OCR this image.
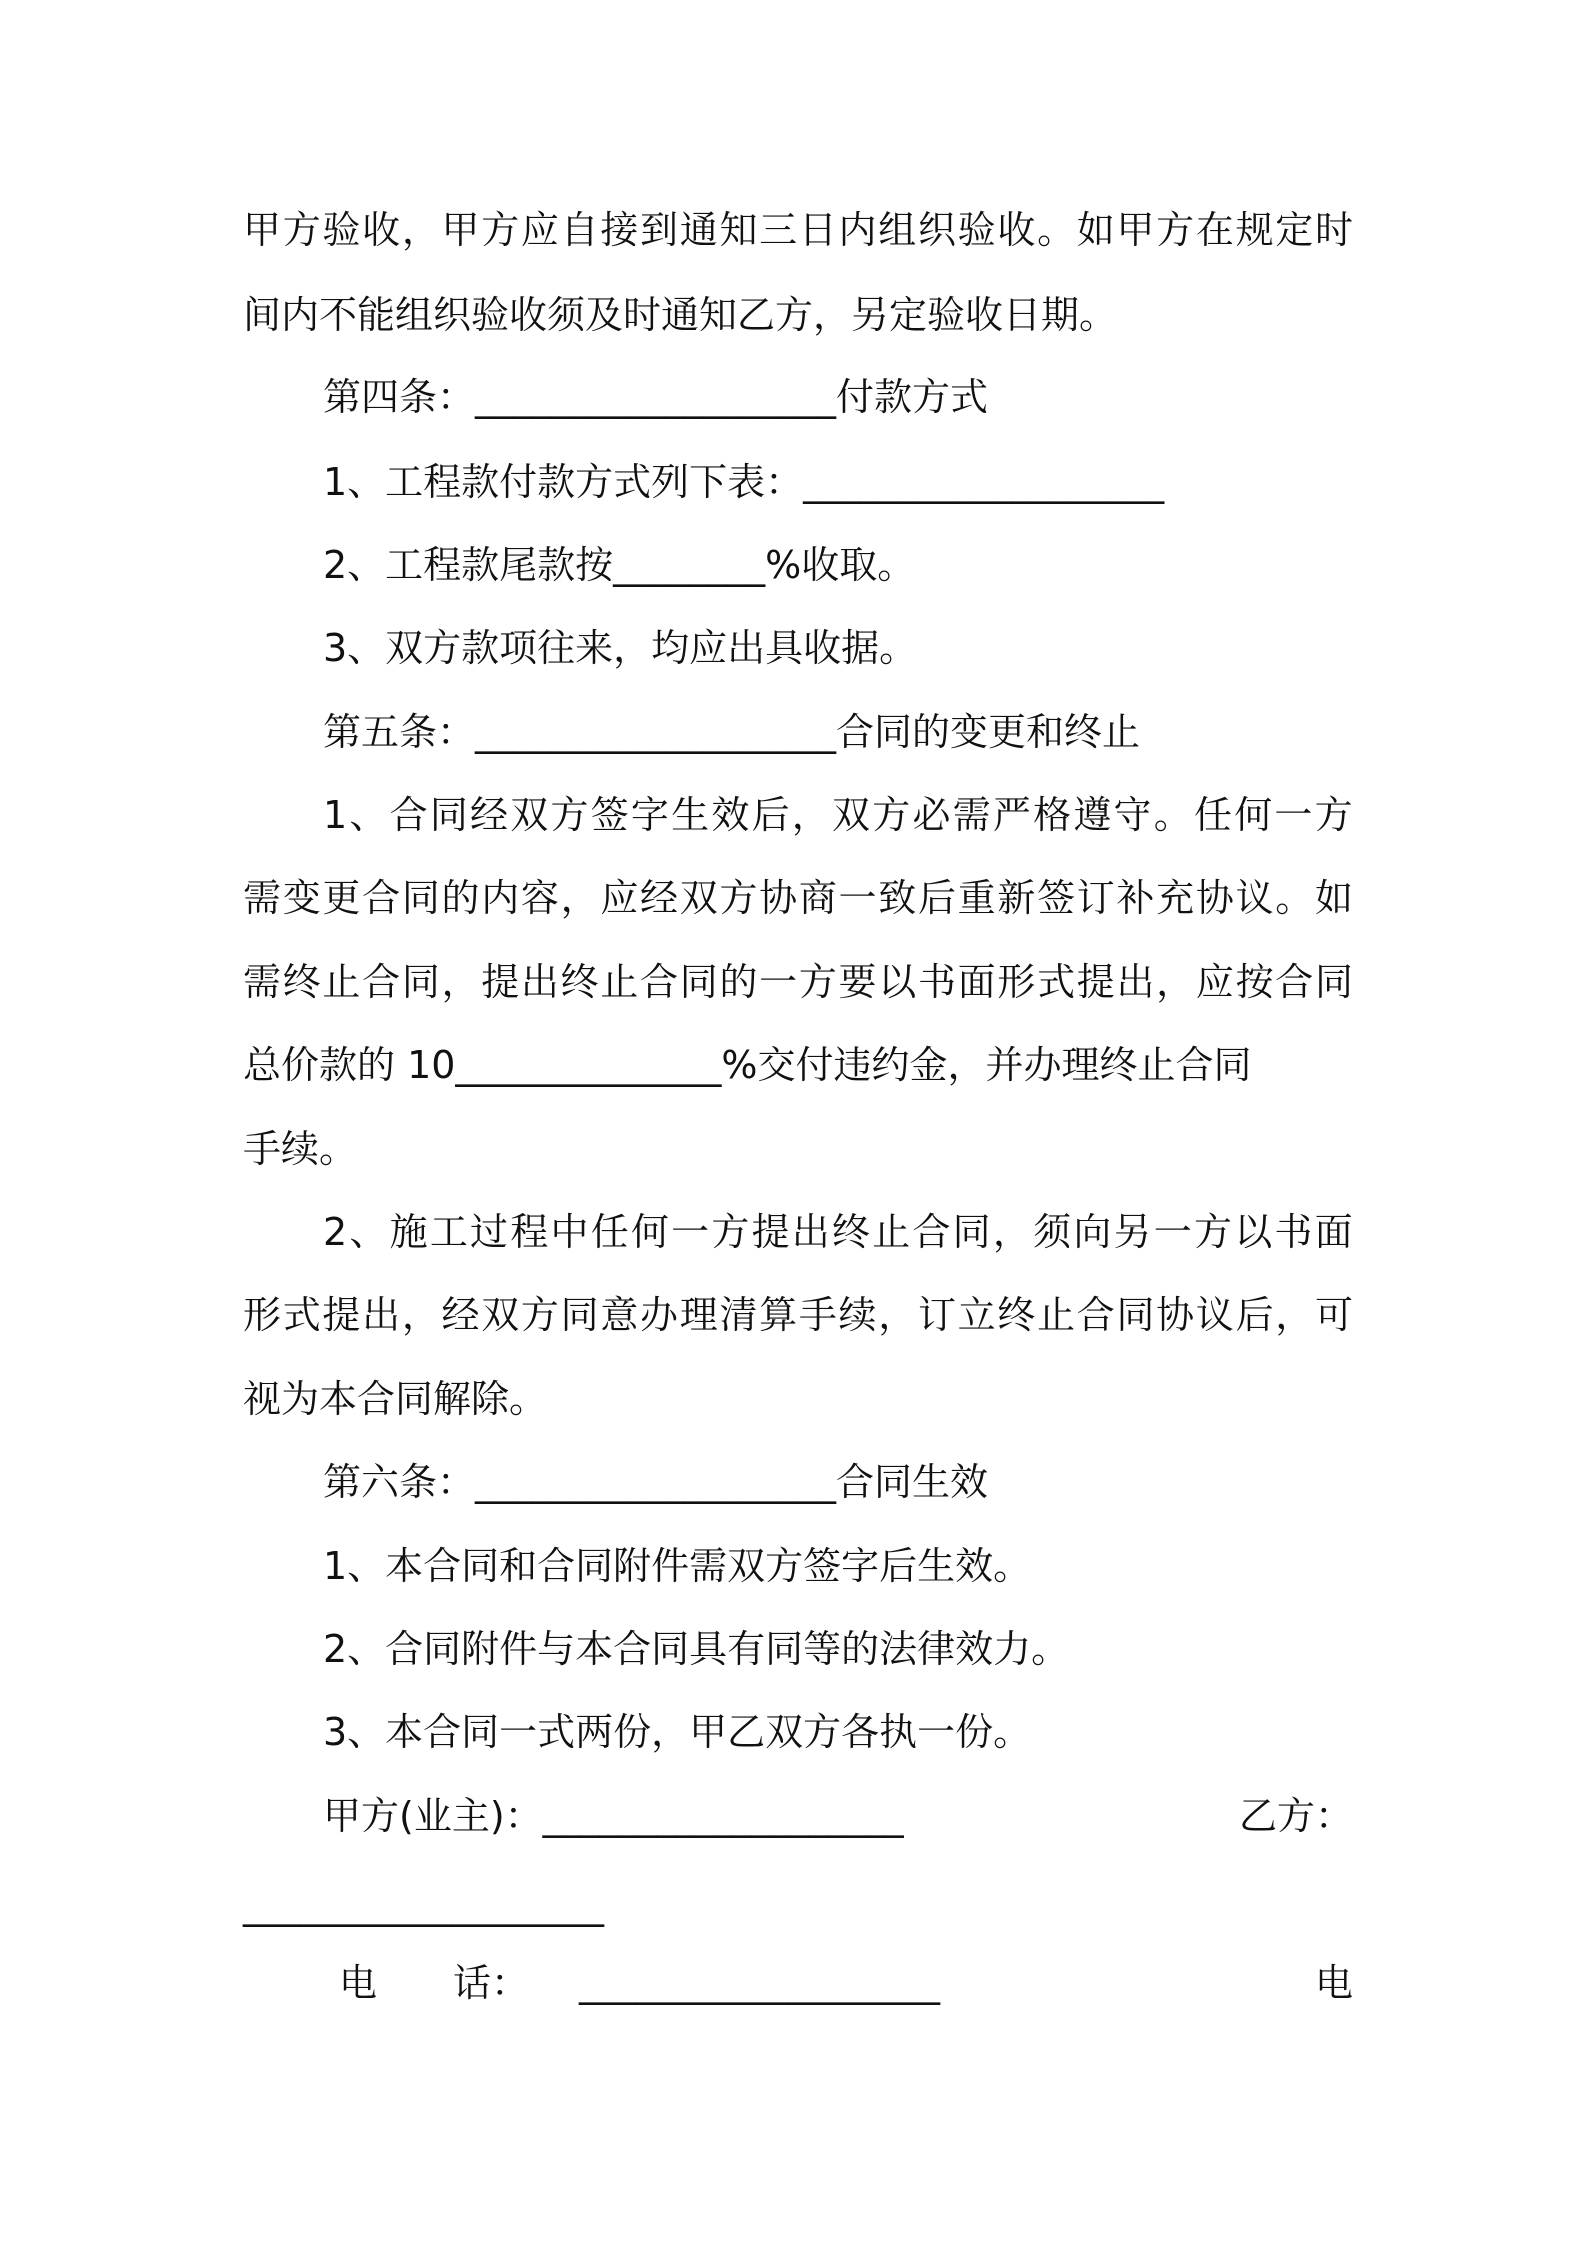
甲 方 验 收 ， 甲 方 应 自 接 到 通 知 三 日 内 组 织 验 收 。 如 甲 方 在 规 定 时
间内不能组织验收须及时通知乙方，另定验收日期。
第四条：___________________付款方式
1、工程款付款方式列下表：___________________
2、工程款尾款按________%收取。
3、双方款项往来，均应出具收据。
第五条：___________________合同的变更和终止
1 、 合 同 经 双 方 签 字 生 效 后 ， 双 方 必 需 严 格 遵 守 。 任 何 一 方
需 变 更 合 同 的 内 容 ， 应 经 双 方 协 商 一 致 后 重 新 签 订 补 充 协 议 。 如
需 终 止 合 同 ， 提 出 终 止 合 同 的 一 方 要 以 书 面 形 式 提 出 ， 应 按 合 同
总价款的 10______________%交付违约金，并办理终止合同
手续。
2 、 施 工 过 程 中 任 何 一 方 提 出 终 止 合 同 ， 须 向 另 一 方 以 书 面
形 式 提 出 ， 经 双 方 同 意 办 理 清 算 手 续 ， 订 立 终 止 合 同 协 议 后 ， 可
视为本合同解除。
第六条：___________________合同生效
1、本合同和合同附件需双方签字后生效。
2、合同附件与本合同具有同等的法律效力。
3、本合同一式两份，甲乙双方各执一份。
甲方(业主)：___________________	乙方：
___________________
电　　话： ___________________	电
